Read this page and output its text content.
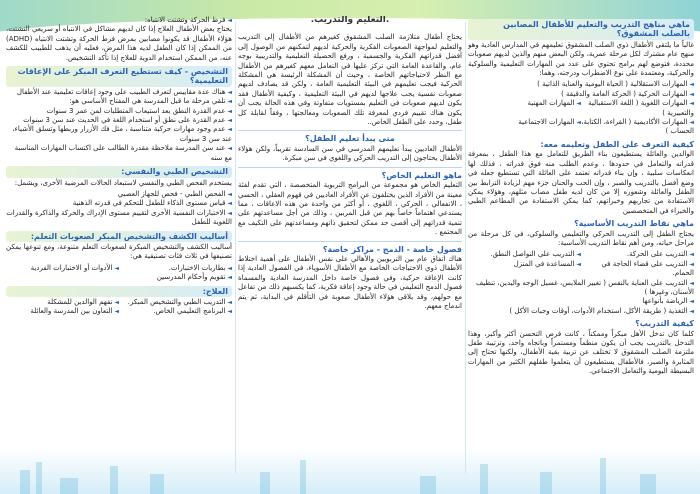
ماهي مناهج التدريب والتعليم للأطفال المصابين بالصلب المشقوق؟
غالباً ما يلتقى الأطفال ذوي الصلب المشقوق تعليمهم في المدارس العادية وهو منهج عام مشترك لكل مرحلة عمرية، ولكن البعض منهم والذين لديهم صعوبات محددة، فتوضع لهم برامج تحتوي على عدد من المهارات التعليمية والسلوكية والحركية، ومعتمدة على نوع الاضطراب ودرجته، وهما:
◄ المهارات الاستقلالية ( الحياة اليومية والعناية الذاتية )
◄ المهارات الحركية ( الحركة العامة والدقيقة )
◄ المهارات اللغوية ( اللغة الاستقبالية والتعبيرية )
◄ المهارات المهنية
◄ المهارات الأكاديمية ( القراءة، الكتابة، الحساب )
◄ المهارات الاجتماعية
كيفية التعرف على الطفل وتعليمه معه:
الوالدين والعائلة يستطيعون بناء الطريق للتعامل مع هذا الطفل ، بمعرفة قدراته والتعامل في حدودها ، وعدم الطلب منه فوق قدراته ، فذلك لها انعكاسات سلبية ، وإن بناء قدراته تعتمد على العائلة التي تستطيع جعله في وضع أفضل بالتدريب والصبر ، وإن الحب والحنان جزء مهم لزيادة الترابط بين الطفل والعائلة وشعوره إلا من كان لديه طفل مصاب مثلهم، وهؤلاء يمكن الاستفادة من تجاربهم وخبراتهم، كما يمكن الاستفادة من المطاعم الطبي والخبراء في المتخصصين
ماهي نقاط التدريب الأساسية؟
يحتاج الطفل إلى التدريب الحركي والتعليمي والسلوكي، في كل مرحلة من مراحل حياته، ومن أهم نقاط التدريب الأساسية:
◄ التدريب على الحركة.
◄ التدريب على النواصل النطق.
◄ التدريب على قضاء الحاجة في الحمام.
◄ المساعدة في المنزل
◄ التدريب على العناية بالنفس ( تغيير الملابس، غسيل الوجه واليدين، تنظيف الأسنان، وغيرها )
◄ الرياضة بأنواعها
◄ التغذية ( طريقة الأكل، استخدام الأدوات، أوقات وجبات الأكل )
كيفية التدريب؟
كلما كان تدخل الأهل مبكراً وممكناً ، كانت فرص التحسن أكثر وأكبر، وهذا التدخل بالتدريب يجب أن يكون منظماً ومستمراً وباتجاه واحد، وترتيبة طفل ملتزمة الصلب المشقوق لا تختلف عن تربية بقية الأطفال، ولكنها تحتاج إلى المثابرة والصبر، فالأطفال يستطيعون أن يتعلموا طقلهم الكثير من المهارات البسيطة اليومية والتعامل الاجتماعي.
.التعليم والتدريب.
يحتاج أطفال متلازمة الصلب المشقوق كغيرهم من الأطفال إلى التدريب والتعليم لمواجهة الصعوبات الفكرية والحركية لديهم لتمكنهم من الوصول إلى أفضل قدراتهم الفكرية والجسمية ، ورفع الحصيلة التعليمية والتدريبية بوجه عام، والقاعدة العامة التي تركز عليها في التعامل معهم كغيرهم من الأطفال مع النظر لاحتياجاتهم الخاصة ، وحيث أن المشكلة الرئيسة هي المشكلة الحركية فيجب تعليمهم في البيئة التعليمية العامة ، ولكن قد يصادف لديهم صعوبات نفسية يجب علاجها لديهم في البيئة التعليمية ، وكيفية الأطفال فقد يكون لديهم صعوبات في التعليم بمستويات متفاوتة وفي هذه الحالة يجب أن يكون هناك تقييم فردي لمعرفة تلك الصعوبات ومعالجتها ، وفقاً لقابلة كل طفل، وحدد على الطفل الخاص..
متى يبدأ تعليم الطفل؟
الأطفال العاديين يبدأ تعليمهم المدرسي في سن السادسة تقريباً، ولكن هؤلاء الأطفال يحتاجون إلى التدريب الحركي واللغوي في سن مبكرة.
ماهو التعليم الخاص؟
التعليم الخاص هو مجموعة من البرامج التربوية المتخصصة ، التي تقدم لفئة معينة من الأفراد الذين يختلفون عن الأفراد العاديين في قهوم العقلي ، الحسي ، الانفعالي ، الحركي ، اللغوي ، أو أكثر من واحدة من هذه الاعاقات ، مما يستدعي اهتماماً خاصاً بهم من قبل المربين ، وذلك من أجل مساعدتهم على تنمية قدراتهم إلى أقصى حد ممكن لتحقيق ذاتهم ومساعدتهم على التكيف مع المجتمع .
فصول خاصة - الدمج - مراكز خاصة؟
هناك اتفاق عام بين التربويين والأهالي على نفس الأطفال على أهمية اختلاط الأطفال ذوي الاحتياجات الخاصة مع الأطفال الأسوياء، في الفصول العادية إذا كانت الإعاقة حركية، وفي فصول خاصة داخل المدرسة العادية والمسماة فصول الدمج التعليمي في حالة وجود إعاقة فكرية، كما يكسبهم ذلك من تفاعل مع حولهم، وقد يلاقى هؤلاء الأطفال صعوبة في التأقلم في البداية، ثم يتم اندماج معهم.
◄ فرط الحركة وتشتت الانتباه:
يحتاج بعض الأطفال العلاج إذا كان لديهم مشاكل في الانتباه أو سريعي التشتت، هؤلاء الأطفال قد يكونوا مصابين بمرض فرط الحركة وتشتت الانتباه (ADHD) من الممكن إذا كان الطفل لديه هذا المرض، فعليه أن يذهب للطبيب للكشف عنه، من الممكن استخدام الدوية للعلاج إذا تأكد التشخيص.
التشخيص - كيف تستطيع التعرف المبكر على الإعاقات التعليمية؟
◄ هناك عدة مقاييس لتعرف الطبيب على وجود إعاقات تعليمية عند الأطفال
◄ تلقي مرحلة ما قبل المدرسة هي المفتاح الأساسي هو:
◄ عدم القدرة النطق بعد استيعاب المتطلبات لمن عمر 3 سنوات
◄ عدم القدرة على نطق أو استخدام اللغة في الحديث عند سن 3 سنوات
◄ عدم وجود مهارات حركية متناسبة ، مثل فك الأزرار وربطها وتسلق الأشياء، عند سن 3 سنوات
◄ عند سن المدرسة ملاحظة مقدرة الطالب على اكتساب المهارات المناسبة مع سنه
التشخيص الطبي والنفسي:
يستخدم الفحص الطبي والنفسي لاستبعاد الحالات المرضية الأخرى، ويشمل:
◄ الفحص الطبي - فحص للجهاز العصبي
◄ قياس مستوى الذكاء للطفل للتحكم في قدرته الذهنية
◄ الاختبارات النفسية الأخرى لتقييم مستوى الإدراك والحركة والذاكرة والقدرات اللغوية للطفل
أساليب الكشف والتشخيص المبكر لصعوبات التعلم:
أساليب الكشف والتشخيص المبكرة لصعوبات التعلم متنوعة، ومع تنوعها يمكن تصنيفها في ثلاث فئات تصنيفية هي:
◄ بطاريات الاختبارات.
◄ الأدوات أو الاختبارات الفردية
◄ تقويم وأحكام المدرسين
العلاج:
◄ التدريب الطبي والتشخيص المبكر.
◄ تفهم الوالدين للمشكلة
◄ البرنامج التعليمي الخاص.
◄ التعاون بين المدرسة والعائلة
